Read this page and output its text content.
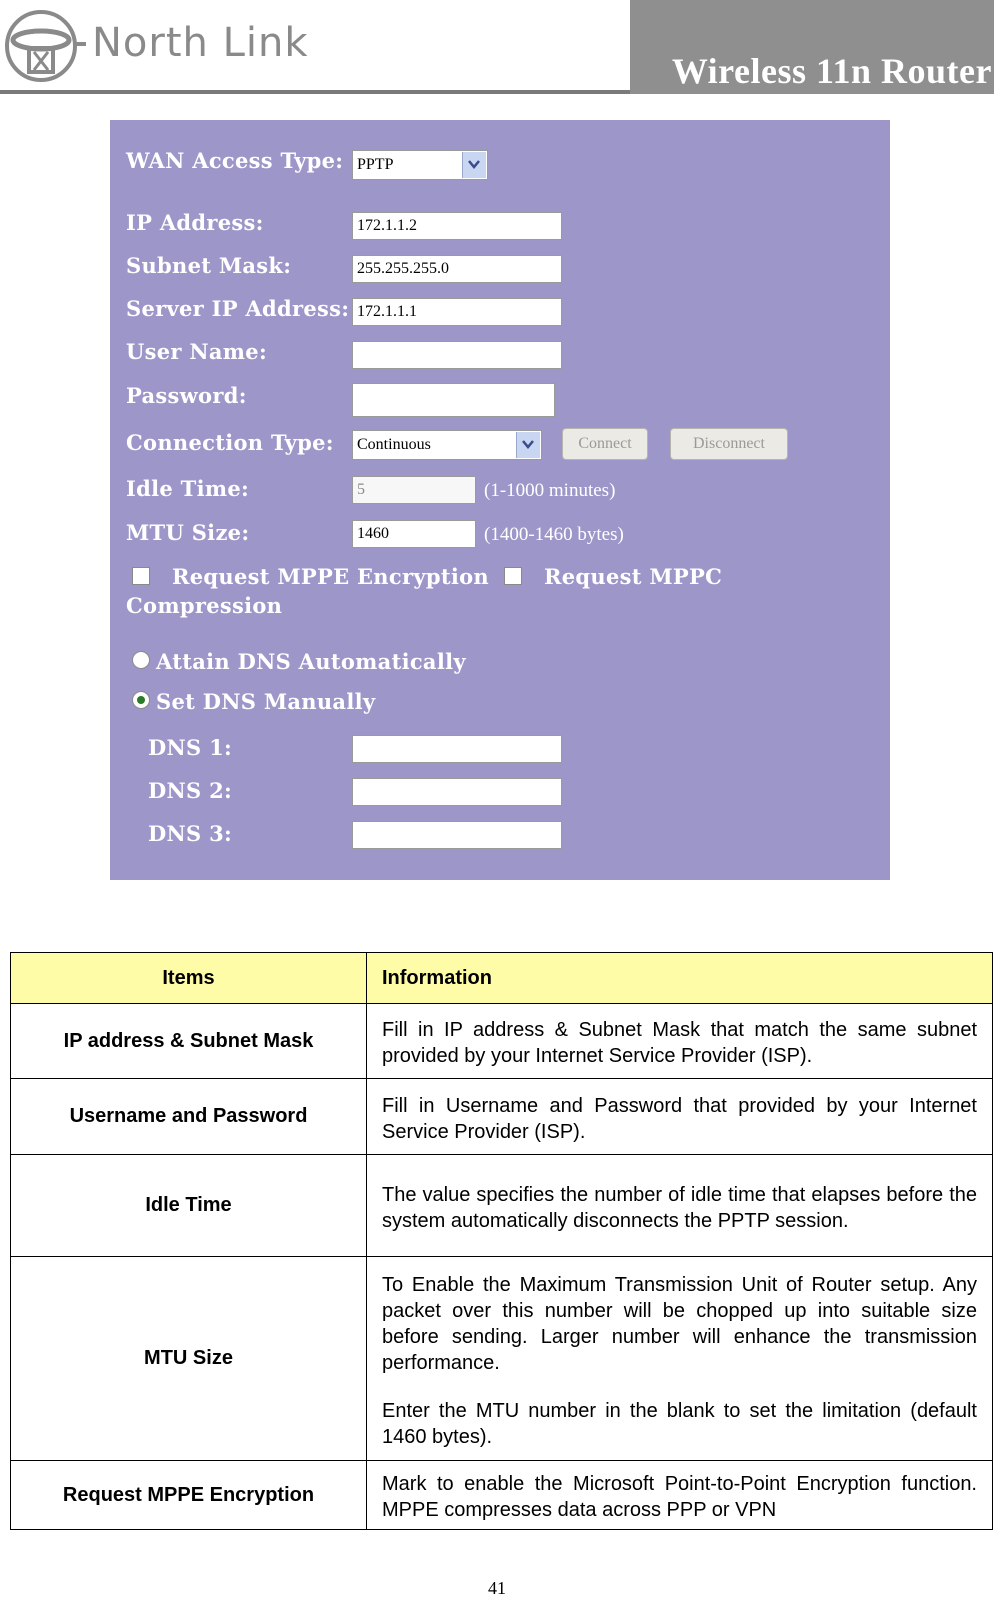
North Link
Wireless 11n Router
WAN Access Type: PPTP
IP Address:	172.1.1.2
Subnet Mask:	255.255.255.0
Server IP Address: 172.1.1.1
User Name:
Password:
Connection Type:	Continuous	Connect	Disconnect
Idle Time:	5	(1-1000 minutes)
MTU Size:	1460	(1400-1460 bytes)
Request MPPE Encryption	Request MPPC
Compression
Attain DNS Automatically
Set DNS Manually
DNS 1:
DNS 2:
DNS 3:
Items	Information
IP address & Subnet Mask	Fill in IP address & Subnet Mask that match the same subnet provided by your Internet Service Provider (ISP).

Username and Password	Fill in Username and Password that provided by your Internet Service Provider (ISP).

Idle Time	The value specifies the number of idle time that elapses before the system automatically disconnects the PPTP session.

MTU Size	To Enable the Maximum Transmission Unit of Router setup. Any packet over this number will be chopped up into suitable size before sending. Larger number will enhance the transmission performance.

Enter the MTU number in the blank to set the limitation (default 1460 bytes).

Request MPPE Encryption	Mark to enable the Microsoft Point-to-Point Encryption function. MPPE compresses data across PPP or VPN

41
